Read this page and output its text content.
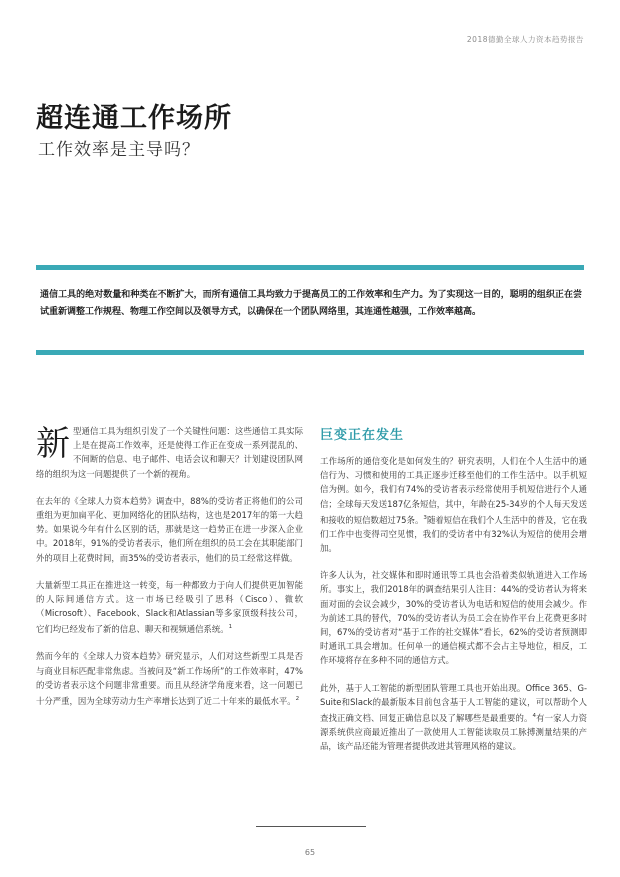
2018德勤全球人力资本趋势报告
超连通工作场所
工作效率是主导吗？
通信工具的绝对数量和种类在不断扩大，而所有通信工具均致力于提高员工的工作效率和生产力。为了实现这一目的，聪明的组织正在尝试重新调整工作规程、物理工作空间以及领导方式，以确保在一个团队网络里，其连通性越强，工作效率越高。

新型通信工具为组织引发了一个关键性问题：这些通信工具实际上是在提高工作效率，还是使得工作正在变成一系列混乱的、不间断的信息、电子邮件、电话会议和聊天？计划建设团队网络的组织为这一问题提供了一个新的视角。

在去年的《全球人力资本趋势》调查中，88%的受访者正将他们的公司重组为更加扁平化、更加网络化的团队结构，这也是2017年的第一大趋势。如果说今年有什么区别的话，那就是这一趋势正在进一步深入企业中。2018年，91%的受访者表示，他们所在组织的员工会在其职能部门外的项目上花费时间，而35%的受访者表示，他们的员工经常这样做。

大量新型工具正在推进这一转变，每一种都致力于向人们提供更加智能的人际间通信方式。这一市场已经吸引了思科（Cisco）、微软（Microsoft）、Facebook、Slack和Atlassian等多家顶级科技公司，它们均已经发布了新的信息、聊天和视频通信系统。$^1$

然而今年的《全球人力资本趋势》研究显示，人们对这些新型工具是否与商业目标匹配非常焦虑。当被问及“新工作场所”的工作效率时，47%的受访者表示这个问题非常重要。而且从经济学角度来看，这一问题已十分严重，因为全球劳动力生产率增长达到了近二十年来的最低水平。$^2$

巨变正在发生

工作场所的通信变化是如何发生的？研究表明，人们在个人生活中的通信行为、习惯和使用的工具正逐步迁移至他们的工作生活中。以手机短信为例。如今，我们有74%的受访者表示经常使用手机短信进行个人通信；全球每天发送187亿条短信，其中，年龄在25-34岁的个人每天发送和接收的短信数超过75条。$^3$随着短信在我们个人生活中的普及，它在我们工作中也变得司空见惯，我们的受访者中有32%认为短信的使用会增加。

许多人认为，社交媒体和即时通讯等工具也会沿着类似轨道进入工作场所。事实上，我们2018年的调查结果引人注目：44%的受访者认为将来面对面的会议会减少，30%的受访者认为电话和短信的使用会减少。作为前述工具的替代，70%的受访者认为员工会在协作平台上花费更多时间，67%的受访者对“基于工作的社交媒体”看长，62%的受访者预测即时通讯工具会增加。任何单一的通信模式都不会占主导地位，相反，工作环境将存在多种不同的通信方式。

此外，基于人工智能的新型团队管理工具也开始出现。Office 365、G-Suite和Slack的最新版本目前包含基于人工智能的建议，可以帮助个人查找正确文档、回复正确信息以及了解哪些是最重要的。$^4$有一家人力资源系统供应商最近推出了一款使用人工智能读取员工脉搏测量结果的产品，该产品还能为管理者提供改进其管理风格的建议。

65
